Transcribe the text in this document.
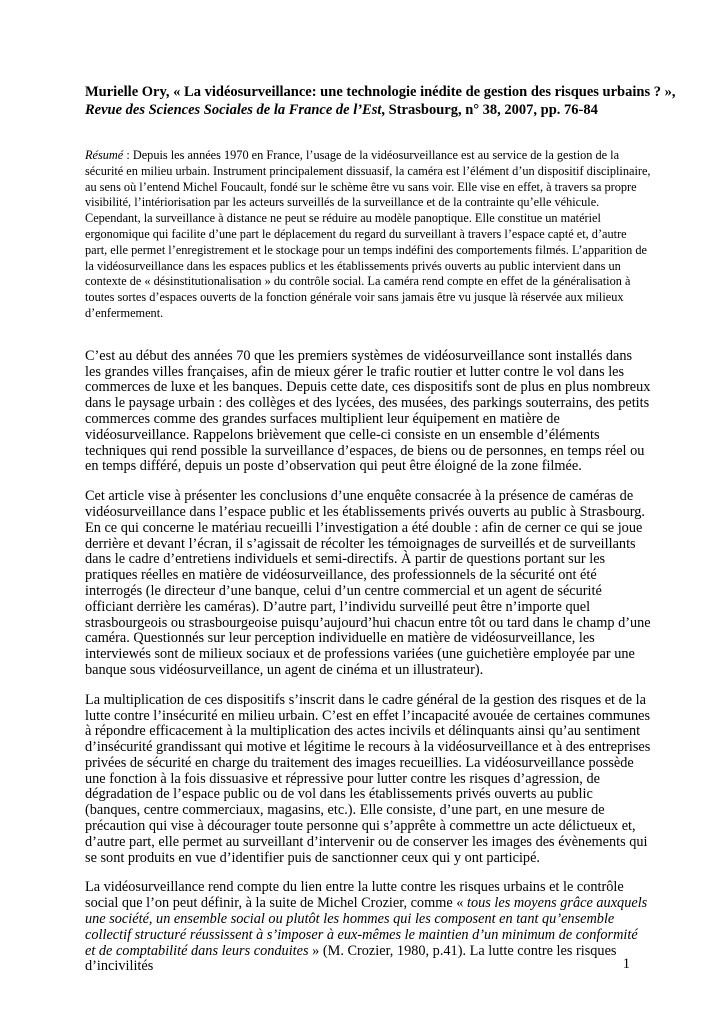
Murielle Ory, « La vidéosurveillance: une technologie inédite de gestion des risques urbains ? »,
Revue des Sciences Sociales de la France de l’Est, Strasbourg, n° 38, 2007, pp. 76-84

Résumé : Depuis les années 1970 en France, l’usage de la vidéosurveillance est au service de la gestion de la sécurité en milieu urbain. Instrument principalement dissuasif, la caméra est l’élément d’un dispositif disciplinaire, au sens où l’entend Michel Foucault, fondé sur le schème être vu sans voir. Elle vise en effet, à travers sa propre visibilité, l’intériorisation par les acteurs surveillés de la surveillance et de la contrainte qu’elle véhicule. Cependant, la surveillance à distance ne peut se réduire au modèle panoptique. Elle constitue un matériel ergonomique qui facilite d’une part le déplacement du regard du surveillant à travers l’espace capté et, d’autre part, elle permet l’enregistrement et le stockage pour un temps indéfini des comportements filmés. L’apparition de la vidéosurveillance dans les espaces publics et les établissements privés ouverts au public intervient dans un contexte de « désinstitutionalisation » du contrôle social. La caméra rend compte en effet de la généralisation à toutes sortes d’espaces ouverts de la fonction générale voir sans jamais être vu jusque là réservée aux milieux d’enfermement.

C’est au début des années 70 que les premiers systèmes de vidéosurveillance sont installés dans les grandes villes françaises, afin de mieux gérer le trafic routier et lutter contre le vol dans les commerces de luxe et les banques. Depuis cette date, ces dispositifs sont de plus en plus nombreux dans le paysage urbain : des collèges et des lycées, des musées, des parkings souterrains, des petits commerces comme des grandes surfaces multiplient leur équipement en matière de vidéosurveillance. Rappelons brièvement que celle-ci consiste en un ensemble d’éléments techniques qui rend possible la surveillance d’espaces, de biens ou de personnes, en temps réel ou en temps différé, depuis un poste d’observation qui peut être éloigné de la zone filmée.

Cet article vise à présenter les conclusions d’une enquête consacrée à la présence de caméras de vidéosurveillance dans l’espace public et les établissements privés ouverts au public à Strasbourg. En ce qui concerne le matériau recueilli l’investigation a été double : afin de cerner ce qui se joue derrière et devant l’écran, il s’agissait de récolter les témoignages de surveillés et de surveillants dans le cadre d’entretiens individuels et semi-directifs. À partir de questions portant sur les pratiques réelles en matière de vidéosurveillance, des professionnels de la sécurité ont été interrogés (le directeur d’une banque, celui d’un centre commercial et un agent de sécurité officiant derrière les caméras). D’autre part, l’individu surveillé peut être n’importe quel strasbourgeois ou strasbourgeoise puisqu’aujourd’hui chacun entre tôt ou tard dans le champ d’une caméra. Questionnés sur leur perception individuelle en matière de vidéosurveillance, les interviewés sont de milieux sociaux et de professions variées (une guichetière employée par une banque sous vidéosurveillance, un agent de cinéma et un illustrateur).

La multiplication de ces dispositifs s’inscrit dans le cadre général de la gestion des risques et de la lutte contre l’insécurité en milieu urbain. C’est en effet l’incapacité avouée de certaines communes à répondre efficacement à la multiplication des actes incivils et délinquants ainsi qu’au sentiment d’insécurité grandissant qui motive et légitime le recours à la vidéosurveillance et à des entreprises privées de sécurité en charge du traitement des images recueillies. La vidéosurveillance possède une fonction à la fois dissuasive et répressive pour lutter contre les risques d’agression, de dégradation de l’espace public ou de vol dans les établissements privés ouverts au public (banques, centre commerciaux, magasins, etc.). Elle consiste, d’une part, en une mesure de précaution qui vise à décourager toute personne qui s’apprête à commettre un acte délictueux et, d’autre part, elle permet au surveillant d’intervenir ou de conserver les images des évènements qui se sont produits en vue d’identifier puis de sanctionner ceux qui y ont participé.

La vidéosurveillance rend compte du lien entre la lutte contre les risques urbains et le contrôle social que l’on peut définir, à la suite de Michel Crozier, comme « tous les moyens grâce auxquels une société, un ensemble social ou plutôt les hommes qui les composent en tant qu’ensemble collectif structuré réussissent à s’imposer à eux-mêmes le maintien d’un minimum de conformité et de comptabilité dans leurs conduites » (M. Crozier, 1980, p.41). La lutte contre les risques d’incivilités	1
